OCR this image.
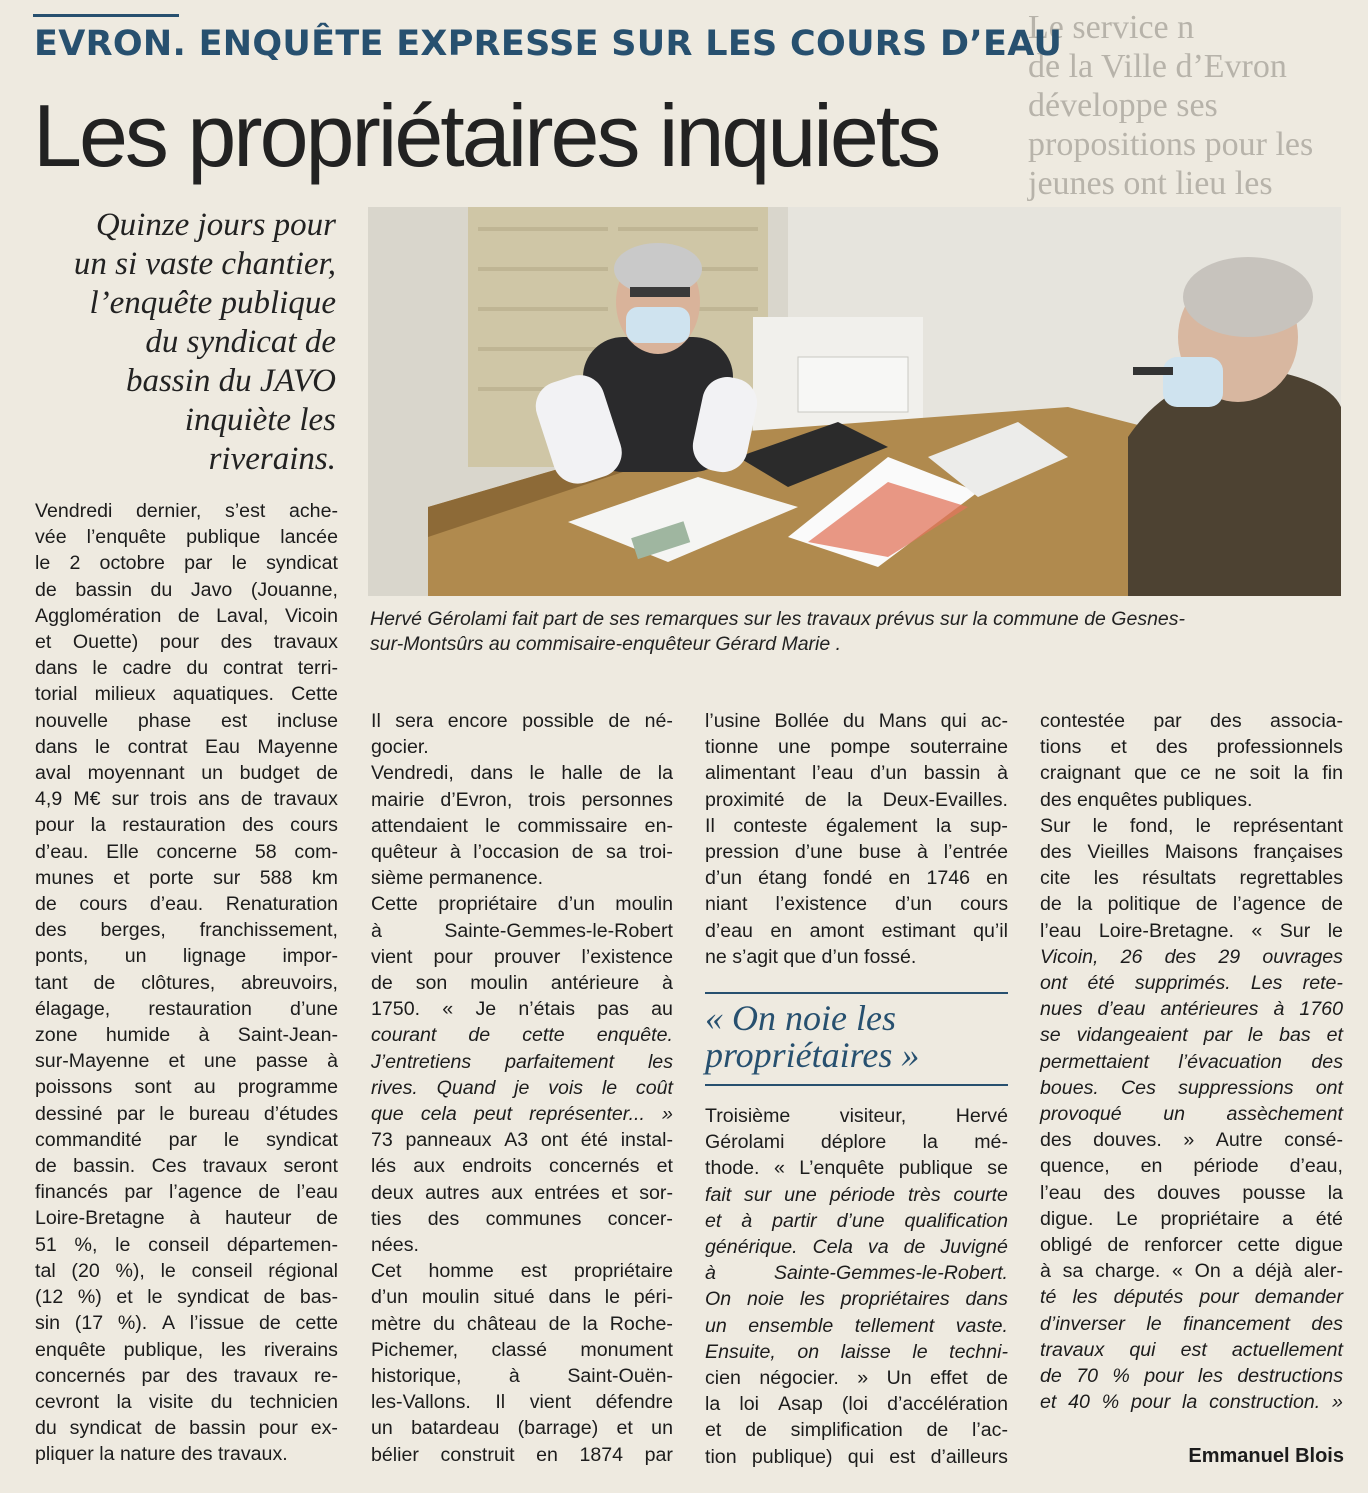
Le service n
de la Ville d’Evron
développe ses
propositions pour les
jeunes ont lieu les
EVRON. ENQUÊTE EXPRESSE SUR LES COURS D’EAU
Les propriétaires inquiets
Quinze jours pour
un si vaste chantier,
l’enquête publique
du syndicat de
bassin du JAVO
inquiète les
riverains.
Hervé Gérolami fait part de ses remarques sur les travaux prévus sur la commune de Gesnes-
sur-Montsûrs au commisaire-enquêteur Gérard Marie .
Vendredi dernier, s’est ache-
vée l’enquête publique lancée
le 2 octobre par le syndicat
de bassin du Javo (Jouanne,
Agglomération de Laval, Vicoin
et Ouette) pour des travaux
dans le cadre du contrat terri-
torial milieux aquatiques. Cette
nouvelle phase est incluse
dans le contrat Eau Mayenne
aval moyennant un budget de
4,9 M€ sur trois ans de travaux
pour la restauration des cours
d’eau. Elle concerne 58 com-
munes et porte sur 588 km
de cours d’eau. Renaturation
des berges, franchissement,
ponts, un lignage impor-
tant de clôtures, abreuvoirs,
élagage, restauration d’une
zone humide à Saint-Jean-
sur-Mayenne et une passe à
poissons sont au programme
dessiné par le bureau d’études
commandité par le syndicat
de bassin. Ces travaux seront
financés par l’agence de l’eau
Loire-Bretagne à hauteur de
51 %, le conseil départemen-
tal (20 %), le conseil régional
(12 %) et le syndicat de bas-
sin (17 %). A l’issue de cette
enquête publique, les riverains
concernés par des travaux re-
cevront la visite du technicien
du syndicat de bassin pour ex-
pliquer la nature des travaux.
Il sera encore possible de né-
gocier.
Vendredi, dans le halle de la
mairie d’Evron, trois personnes
attendaient le commissaire en-
quêteur à l’occasion de sa troi-
sième permanence.
Cette propriétaire d’un moulin
à	Sainte-Gemmes-le-Robert
vient pour prouver l’existence
de son moulin antérieure à
1750. « Je n’étais pas au
courant de cette enquête.
J’entretiens parfaitement les
rives. Quand je vois le coût
que cela peut représenter... »
73 panneaux A3 ont été instal-
lés aux endroits concernés et
deux autres aux entrées et sor-
ties des communes concer-
nées.
Cet homme est propriétaire
d’un moulin situé dans le péri-
mètre du château de la Roche-
Pichemer, classé monument
historique, à Saint-Ouën-
les-Vallons. Il vient défendre
un batardeau (barrage) et un
bélier construit en 1874 par
l’usine Bollée du Mans qui ac-
tionne une pompe souterraine
alimentant l’eau d’un bassin à
proximité de la Deux-Evailles.
Il conteste également la sup-
pression d’une buse à l’entrée
d’un étang fondé en 1746 en
niant l’existence d’un cours
d’eau en amont estimant qu’il
ne s’agit que d’un fossé.
« On noie les
propriétaires »
Troisième	visiteur,	Hervé
Gérolami déplore la mé-
thode. « L’enquête publique se
fait sur une période très courte
et à partir d’une qualification
générique. Cela va de Juvigné
à	Sainte-Gemmes-le-Robert.
On noie les propriétaires dans
un ensemble tellement vaste.
Ensuite, on laisse le techni-
cien négocier. » Un effet de
la loi Asap (loi d’accélération
et de simplification de l’ac-
tion publique) qui est d’ailleurs
contestée par des associa-
tions et des professionnels
craignant que ce ne soit la fin
des enquêtes publiques.
Sur le fond, le représentant
des Vieilles Maisons françaises
cite les résultats regrettables
de la politique de l’agence de
l’eau Loire-Bretagne. « Sur le
Vicoin, 26 des 29 ouvrages
ont été supprimés. Les rete-
nues d’eau antérieures à 1760
se vidangeaient par le bas et
permettaient l’évacuation des
boues. Ces suppressions ont
provoqué un assèchement
des douves. » Autre consé-
quence, en période d’eau,
l’eau des douves pousse la
digue. Le propriétaire a été
obligé de renforcer cette digue
à sa charge. « On a déjà aler-
té les députés pour demander
d’inverser le financement des
travaux qui est actuellement
de 70 % pour les destructions
et 40 % pour la construction. »
Emmanuel Blois
